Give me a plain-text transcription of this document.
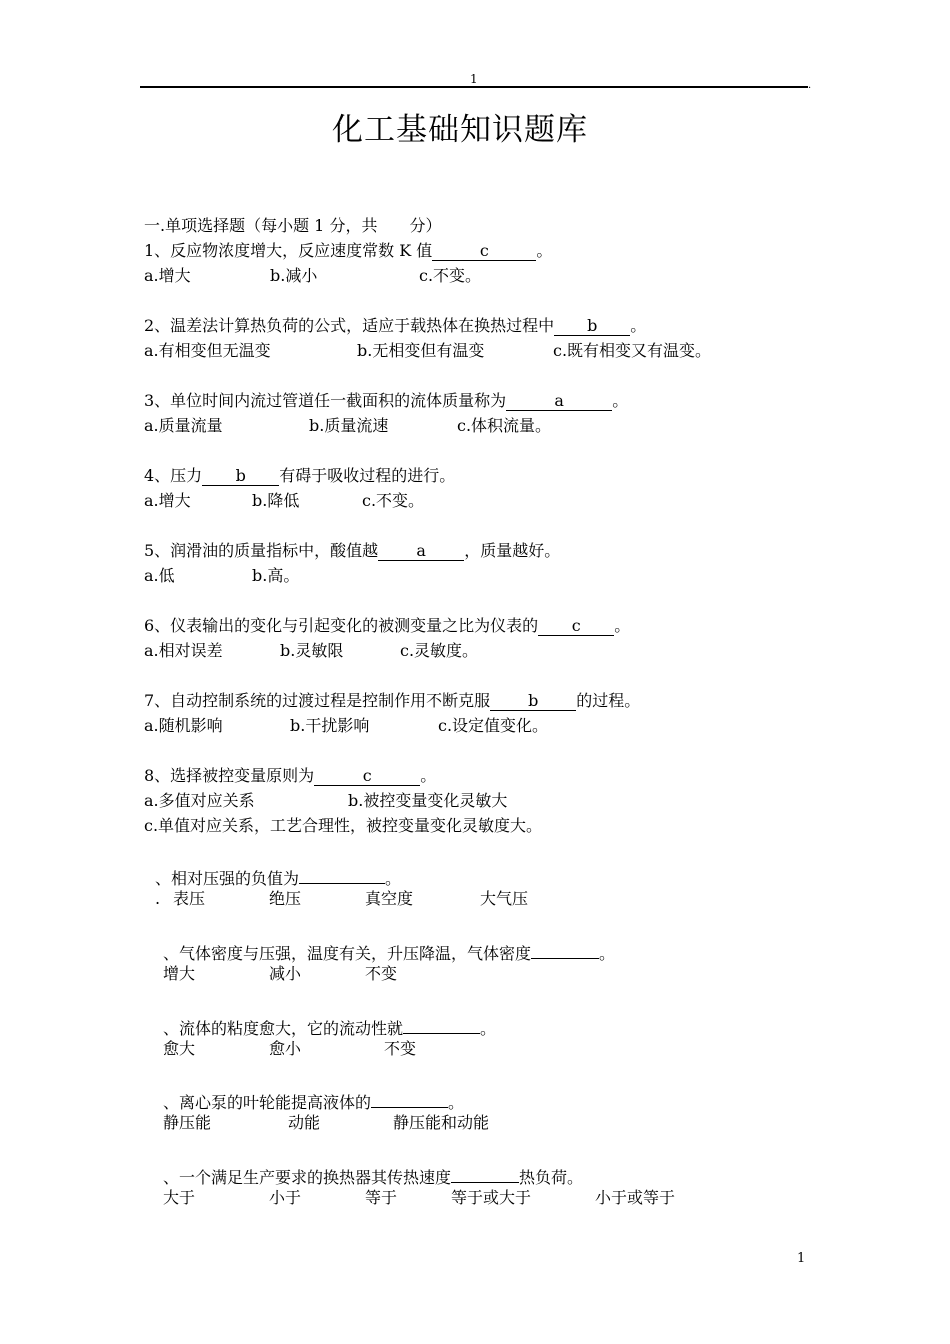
1	.
化工基础知识题库
一.单项选择题（每小题 1 分，共　　分）
1、反应物浓度增大，反应速度常数 K 值	c	。
a.增大	b.减小	c.不变。
2、温差法计算热负荷的公式，适应于载热体在换热过程中 b 。
a.有相变但无温变	b.无相变但有温变	c.既有相变又有温变。
3、单位时间内流过管道任一截面积的流体质量称为	a	。
a.质量流量	b.质量流速	c.体积流量。
4、压力 b 有碍于吸收过程的进行。
a.增大	b.降低	c.不变。
5、润滑油的质量指标中，酸值越 a ，质量越好。
a.低	b.高。
6、仪表输出的变化与引起变化的被测变量之比为仪表的 c 。
a.相对误差	b.灵敏限	c.灵敏度。
7、自动控制系统的过渡过程是控制作用不断克服 b 的过程。
a.随机影响	b.干扰影响	c.设定值变化。
8、选择被控变量原则为	c	。
a.多值对应关系	b.被控变量变化灵敏大
c.单值对应关系，工艺合理性，被控变量变化灵敏度大。
、相对压强的负值为	。
. 表压	绝压	真空度	大气压
、气体密度与压强，温度有关，升压降温，气体密度	。
增大	减小	不变
、流体的粘度愈大，它的流动性就	。
愈大	愈小	不变
、离心泵的叶轮能提高液体的	。
静压能	动能	静压能和动能
、一个满足生产要求的换热器其传热速度	热负荷。
大于	小于	等于	等于或大于	小于或等于
1
